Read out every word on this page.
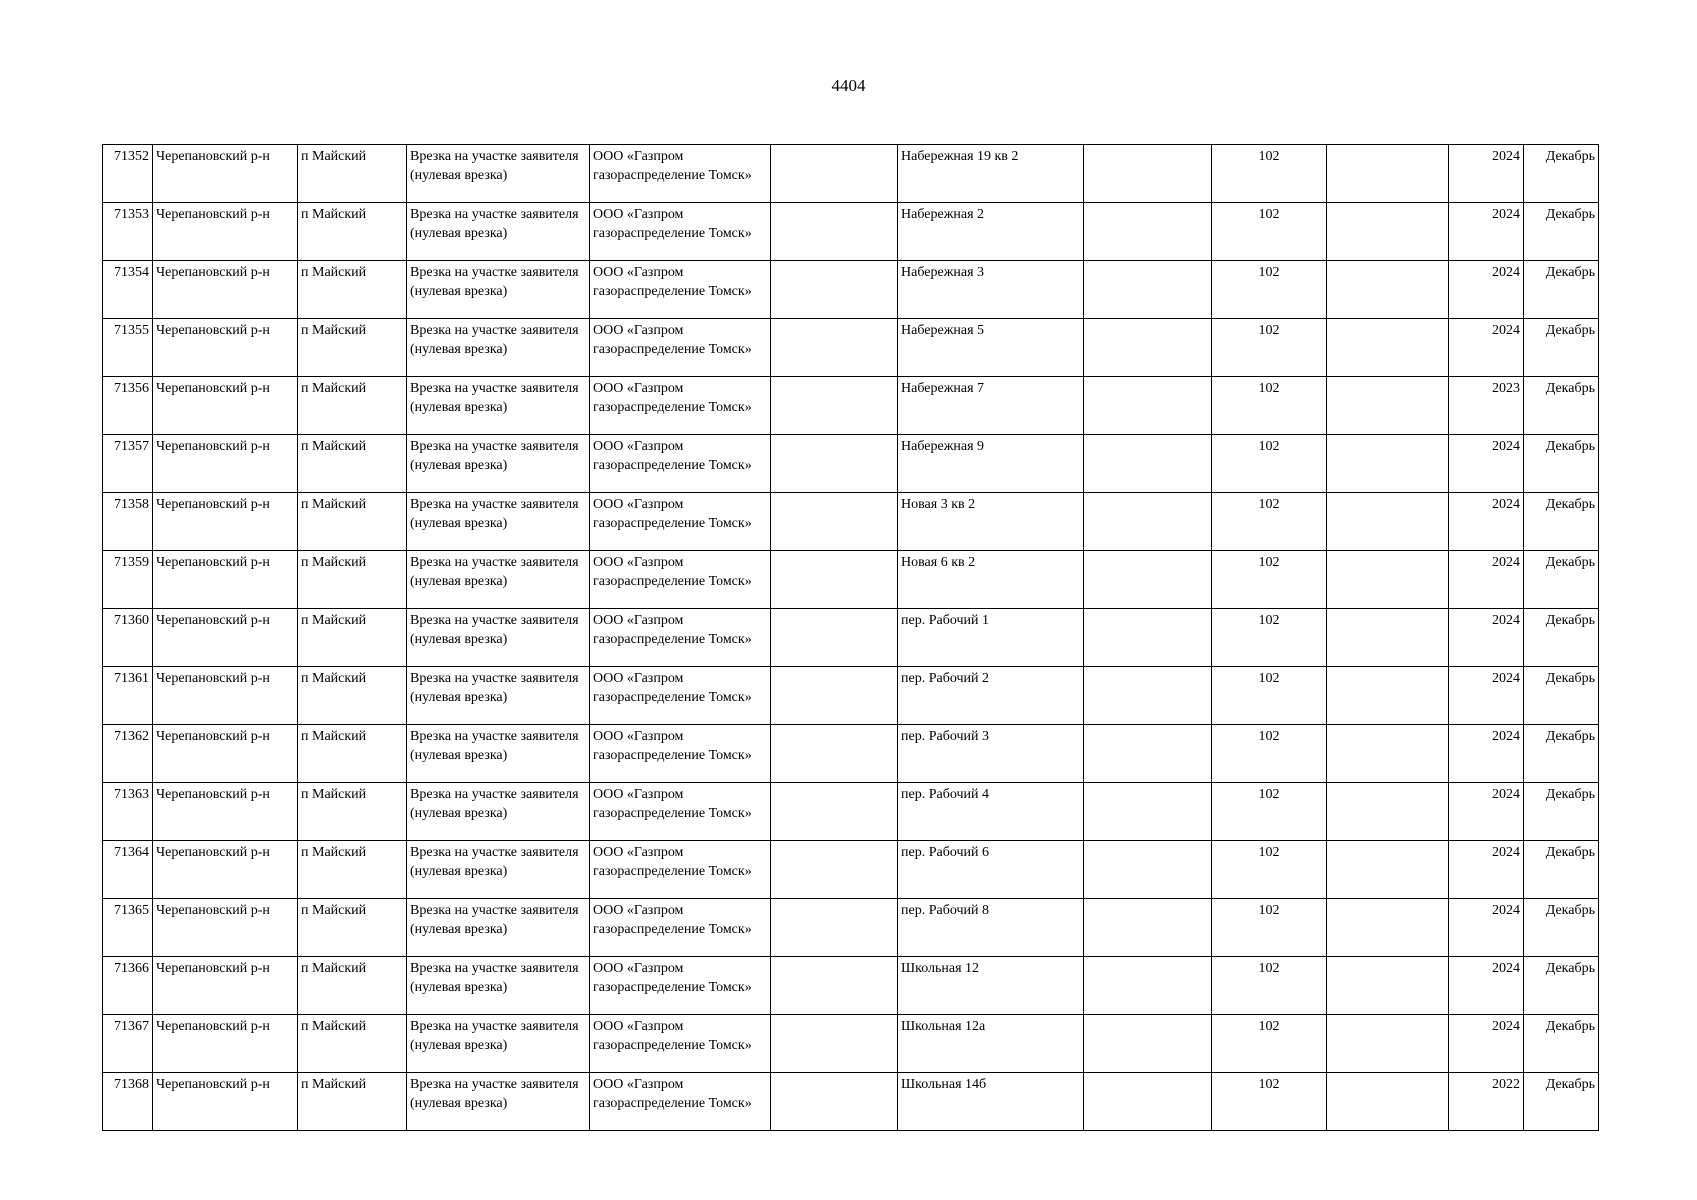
4404
71352	Черепановский р-н	п Майский	Врезка на участке заявителя (нулевая врезка)	ООО «Газпром газораспределение Томск»		Набережная 19 кв 2		102		2024	Декабрь
71353	Черепановский р-н	п Майский	Врезка на участке заявителя (нулевая врезка)	ООО «Газпром газораспределение Томск»		Набережная 2		102		2024	Декабрь
71354	Черепановский р-н	п Майский	Врезка на участке заявителя (нулевая врезка)	ООО «Газпром газораспределение Томск»		Набережная 3		102		2024	Декабрь
71355	Черепановский р-н	п Майский	Врезка на участке заявителя (нулевая врезка)	ООО «Газпром газораспределение Томск»		Набережная 5		102		2024	Декабрь
71356	Черепановский р-н	п Майский	Врезка на участке заявителя (нулевая врезка)	ООО «Газпром газораспределение Томск»		Набережная 7		102		2023	Декабрь
71357	Черепановский р-н	п Майский	Врезка на участке заявителя (нулевая врезка)	ООО «Газпром газораспределение Томск»		Набережная 9		102		2024	Декабрь
71358	Черепановский р-н	п Майский	Врезка на участке заявителя (нулевая врезка)	ООО «Газпром газораспределение Томск»		Новая 3 кв 2		102		2024	Декабрь
71359	Черепановский р-н	п Майский	Врезка на участке заявителя (нулевая врезка)	ООО «Газпром газораспределение Томск»		Новая 6 кв 2		102		2024	Декабрь
71360	Черепановский р-н	п Майский	Врезка на участке заявителя (нулевая врезка)	ООО «Газпром газораспределение Томск»		пер. Рабочий 1		102		2024	Декабрь
71361	Черепановский р-н	п Майский	Врезка на участке заявителя (нулевая врезка)	ООО «Газпром газораспределение Томск»		пер. Рабочий 2		102		2024	Декабрь
71362	Черепановский р-н	п Майский	Врезка на участке заявителя (нулевая врезка)	ООО «Газпром газораспределение Томск»		пер. Рабочий 3		102		2024	Декабрь
71363	Черепановский р-н	п Майский	Врезка на участке заявителя (нулевая врезка)	ООО «Газпром газораспределение Томск»		пер. Рабочий 4		102		2024	Декабрь
71364	Черепановский р-н	п Майский	Врезка на участке заявителя (нулевая врезка)	ООО «Газпром газораспределение Томск»		пер. Рабочий 6		102		2024	Декабрь
71365	Черепановский р-н	п Майский	Врезка на участке заявителя (нулевая врезка)	ООО «Газпром газораспределение Томск»		пер. Рабочий 8		102		2024	Декабрь
71366	Черепановский р-н	п Майский	Врезка на участке заявителя (нулевая врезка)	ООО «Газпром газораспределение Томск»		Школьная 12		102		2024	Декабрь
71367	Черепановский р-н	п Майский	Врезка на участке заявителя (нулевая врезка)	ООО «Газпром газораспределение Томск»		Школьная 12а		102		2024	Декабрь
71368	Черепановский р-н	п Майский	Врезка на участке заявителя (нулевая врезка)	ООО «Газпром газораспределение Томск»		Школьная 14б		102		2022	Декабрь
